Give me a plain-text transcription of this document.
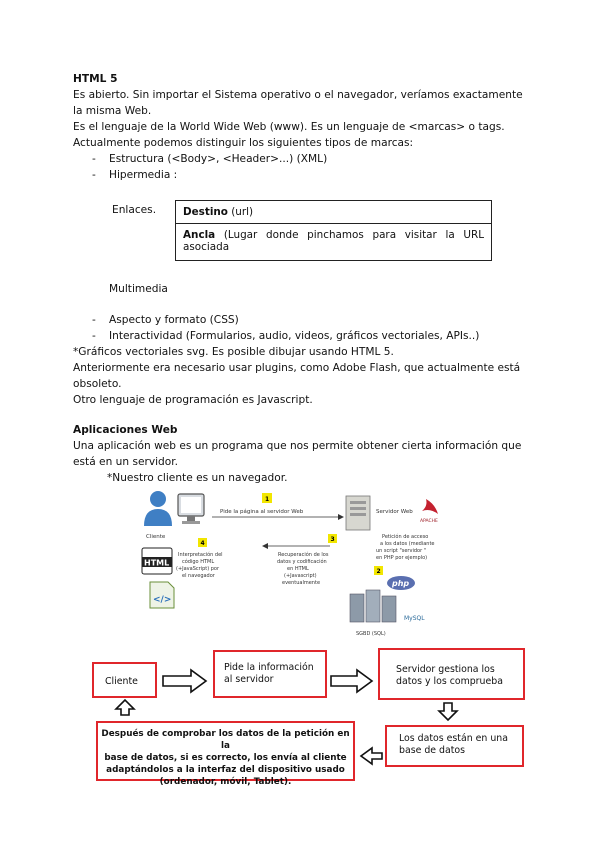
HTML 5
Es abierto. Sin importar el Sistema operativo o el navegador, veríamos exactamente
la misma Web.
Es el lenguaje de la World Wide Web (www). Es un lenguaje de <marcas> o tags.
Actualmente podemos distinguir los siguientes tipos de marcas:
- Estructura (<Body>, <Header>...) (XML)
- Hipermedia :
Enlaces.	Destino (url)
Ancla (Lugar donde pinchamos para visitar la URL asociada
Multimedia
- Aspecto y formato (CSS)
- Interactividad (Formularios, audio, videos, gráficos vectoriales, APIs..)
*Gráficos vectoriales svg. Es posible dibujar usando HTML 5.
Anteriormente era necesario usar plugins, como Adobe Flash, que actualmente está
obsoleto.
Otro lenguaje de programación es Javascript.
Aplicaciones Web
Una aplicación web es un programa que nos permite obtener cierta información que
está en un servidor.
*Nuestro cliente es un navegador.
Cliente
1
Pide la página al servidor Web	Servidor Web
APACHE
Petición de acceso
a los datos (mediante
un script "servidor "
en PHP por ejemplo)
2
php
3
Recuperación de los
datos y codificación
en HTML
(+Javascript)
eventualmente
4
Interpretación del
código HTML
(+JavaScript) por
el navegador
HTML
</>
MySQL
SGBD (SQL)
Cliente
Pide la información
al servidor
Servidor gestiona los
datos y los comprueba
Los datos están en una
base de datos
Después de comprobar los datos de la petición en la
base de datos, si es correcto, los envía al cliente
adaptándolos a la interfaz del dispositivo usado
(ordenador, móvil, Tablet).
